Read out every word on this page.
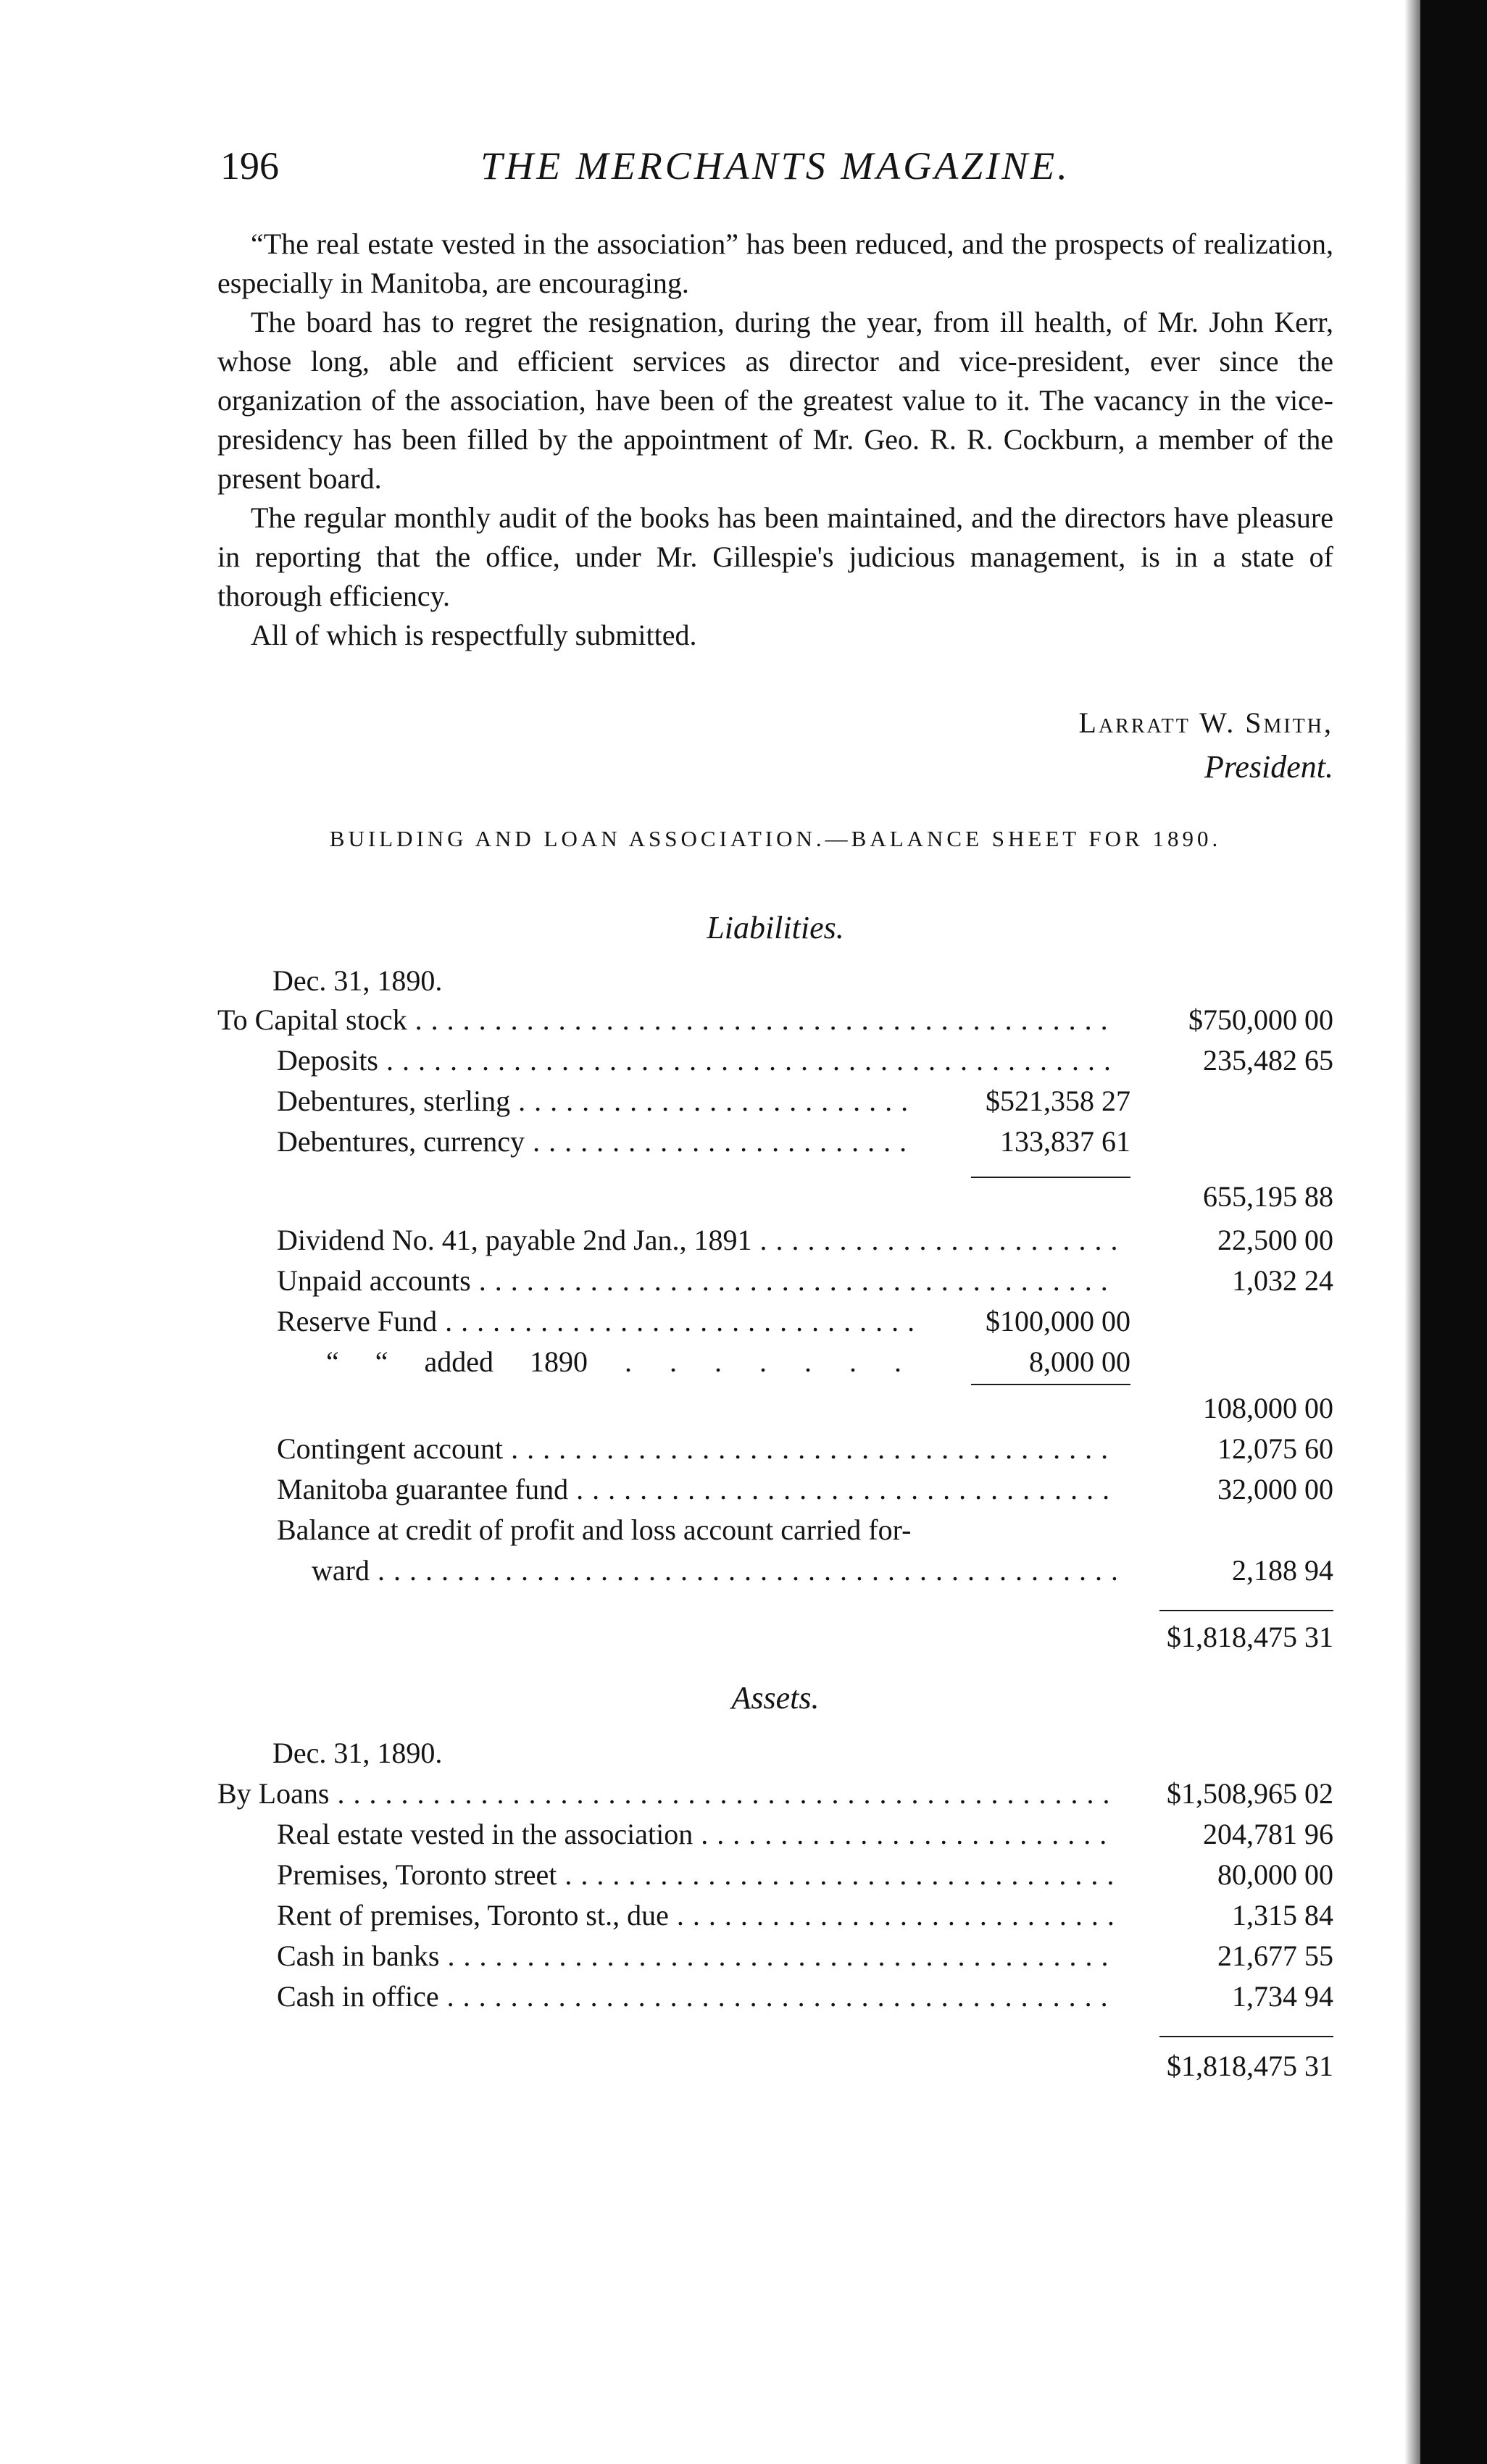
196	THE MERCHANTS MAGAZINE.

“The real estate vested in the association” has been reduced, and the prospects of realization, especially in Manitoba, are encouraging.

The board has to regret the resignation, during the year, from ill health, of Mr. John Kerr, whose long, able and efficient services as director and vice-president, ever since the organization of the association, have been of the greatest value to it. The vacancy in the vice-presidency has been filled by the appointment of Mr. Geo. R. R. Cockburn, a member of the present board.

The regular monthly audit of the books has been maintained, and the directors have pleasure in reporting that the office, under Mr. Gillespie's judicious management, is in a state of thorough efficiency.

All of which is respectfully submitted.

Larratt W. Smith,
President.
BUILDING AND LOAN ASSOCIATION.—BALANCE SHEET FOR 1890.
Liabilities.
Dec. 31, 1890.
To Capital stock . . .	$750,000 00
Deposits . . .	235,482 65
Debentures, sterling . . .	$521,358 27
Debentures, currency . . .	133,837 61
655,195 88
Dividend No. 41, payable 2nd Jan., 1891 . . .	22,500 00
Unpaid accounts . . .	1,032 24
Reserve Fund . . .	$100,000 00
“ “ added 1890 . . .	8,000 00
108,000 00
Contingent account . . .	12,075 60
Manitoba guarantee fund . . .	32,000 00
Balance at credit of profit and loss account carried for-
ward . . .	2,188 94
$1,818,475 31
Assets.
Dec. 31, 1890.
By Loans . . .	$1,508,965 02
Real estate vested in the association . . .	204,781 96
Premises, Toronto street . . .	80,000 00
Rent of premises, Toronto st., due . . .	1,315 84
Cash in banks . . .	21,677 55
Cash in office . . .	1,734 94
$1,818,475 31
